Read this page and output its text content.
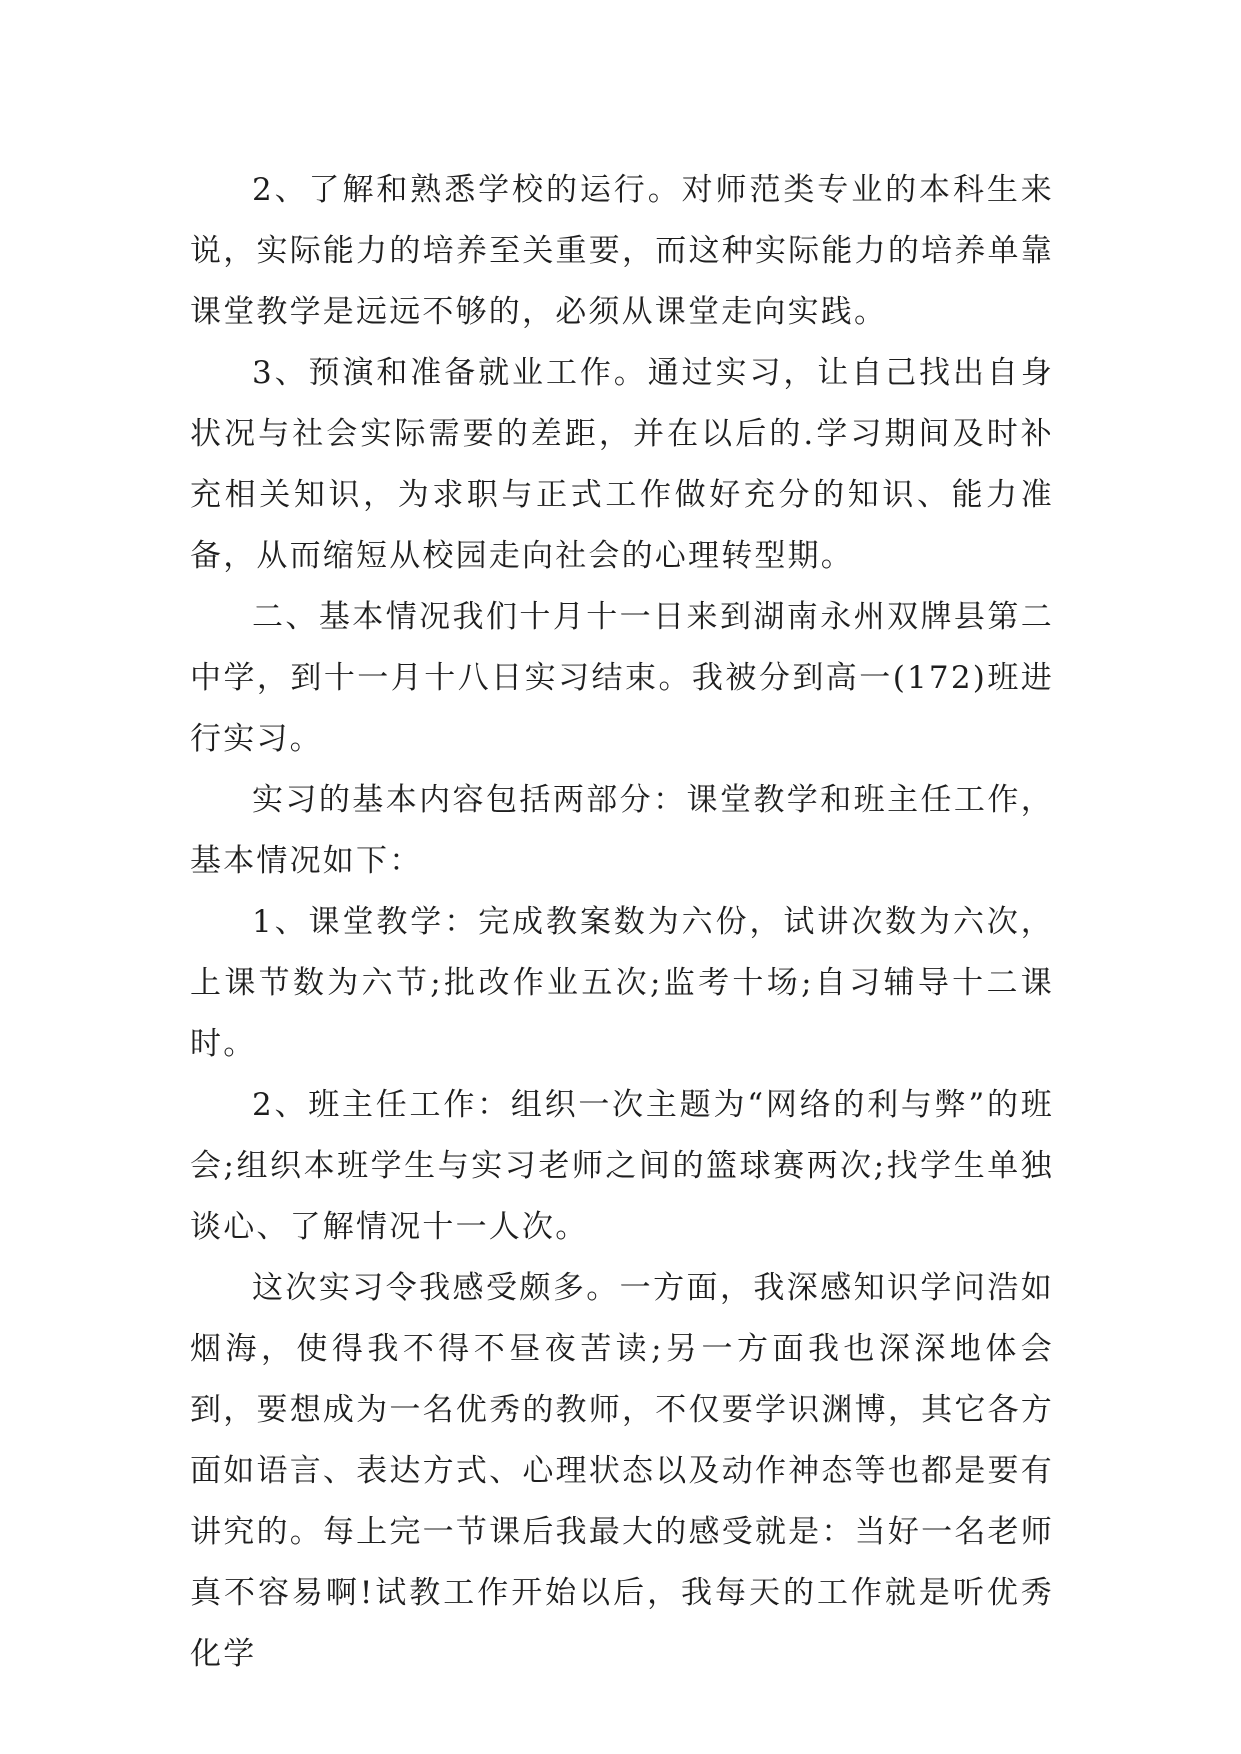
2、了解和熟悉学校的运行。对师范类专业的本科生来说，实际能力的培养至关重要，而这种实际能力的培养单靠课堂教学是远远不够的，必须从课堂走向实践。

3、预演和准备就业工作。通过实习，让自己找出自身状况与社会实际需要的差距，并在以后的.学习期间及时补充相关知识，为求职与正式工作做好充分的知识、能力准备，从而缩短从校园走向社会的心理转型期。

二、基本情况我们十月十一日来到湖南永州双牌县第二中学，到十一月十八日实习结束。我被分到高一(172)班进行实习。

实习的基本内容包括两部分：课堂教学和班主任工作，基本情况如下：

1、课堂教学：完成教案数为六份，试讲次数为六次，上课节数为六节;批改作业五次;监考十场;自习辅导十二课时。

2、班主任工作：组织一次主题为“网络的利与弊”的班会;组织本班学生与实习老师之间的篮球赛两次;找学生单独谈心、了解情况十一人次。

这次实习令我感受颇多。一方面，我深感知识学问浩如烟海，使得我不得不昼夜苦读;另一方面我也深深地体会到，要想成为一名优秀的教师，不仅要学识渊博，其它各方面如语言、表达方式、心理状态以及动作神态等也都是要有讲究的。每上完一节课后我最大的感受就是：当好一名老师真不容易啊!试教工作开始以后，我每天的工作就是听优秀化学
